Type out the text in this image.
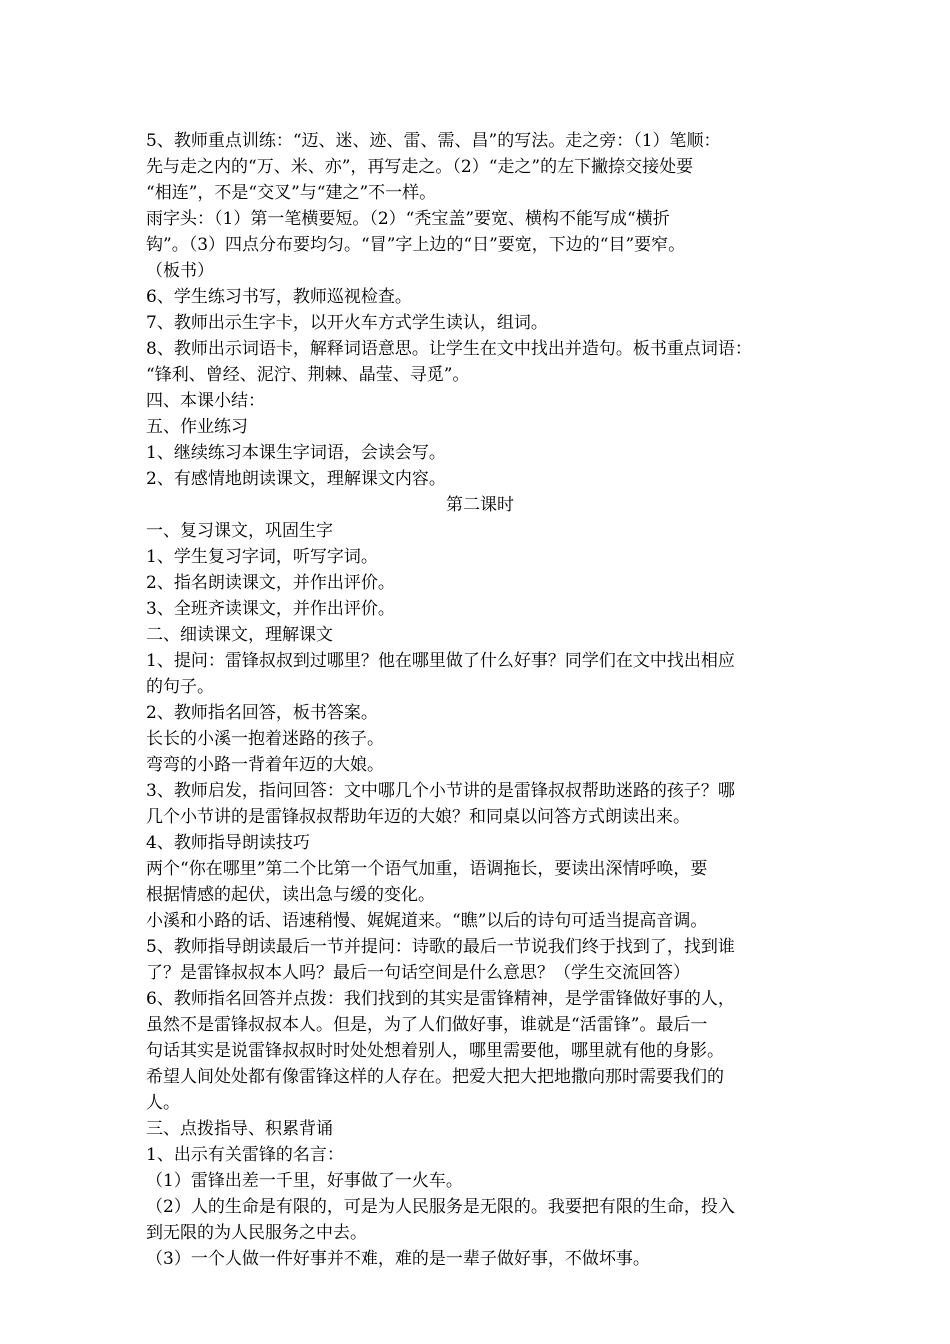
5、教师重点训练：“迈、迷、迹、雷、需、昌”的写法。走之旁：（1）笔顺：
先与走之内的“万、米、亦”，再写走之。（2）“走之”的左下撇捺交接处要
“相连”，不是“交叉”与“建之”不一样。
雨字头：（1）第一笔横要短。（2）“秃宝盖”要宽、横构不能写成“横折
钩”。（3）四点分布要均匀。“冒”字上边的“日”要宽，下边的“目”要窄。
（板书）
6、学生练习书写，教师巡视检查。
7、教师出示生字卡，以开火车方式学生读认，组词。
8、教师出示词语卡，解释词语意思。让学生在文中找出并造句。板书重点词语：
“锋利、曾经、泥泞、荆棘、晶莹、寻觅”。
四、本课小结：
五、作业练习
1、继续练习本课生字词语，会读会写。
2、有感情地朗读课文，理解课文内容。
第二课时
一、复习课文，巩固生字
1、学生复习字词，听写字词。
2、指名朗读课文，并作出评价。
3、全班齐读课文，并作出评价。
二、细读课文，理解课文
1、提问：雷锋叔叔到过哪里？他在哪里做了什么好事？同学们在文中找出相应
的句子。
2、教师指名回答，板书答案。
长长的小溪一抱着迷路的孩子。
弯弯的小路一背着年迈的大娘。
3、教师启发，指问回答：文中哪几个小节讲的是雷锋叔叔帮助迷路的孩子？哪
几个小节讲的是雷锋叔叔帮助年迈的大娘？和同桌以问答方式朗读出来。
4、教师指导朗读技巧
两个“你在哪里”第二个比第一个语气加重，语调拖长，要读出深情呼唤，要
根据情感的起伏，读出急与缓的变化。
小溪和小路的话、语速稍慢、娓娓道来。“瞧”以后的诗句可适当提高音调。
5、教师指导朗读最后一节并提问：诗歌的最后一节说我们终于找到了，找到谁
了？是雷锋叔叔本人吗？最后一句话空间是什么意思？（学生交流回答）
6、教师指名回答并点拨：我们找到的其实是雷锋精神，是学雷锋做好事的人，
虽然不是雷锋叔叔本人。但是，为了人们做好事，谁就是“活雷锋”。最后一
句话其实是说雷锋叔叔时时处处想着别人，哪里需要他，哪里就有他的身影。
希望人间处处都有像雷锋这样的人存在。把爱大把大把地撒向那时需要我们的
人。
三、点拨指导、积累背诵
1、出示有关雷锋的名言：
（1）雷锋出差一千里，好事做了一火车。
（2）人的生命是有限的，可是为人民服务是无限的。我要把有限的生命，投入
到无限的为人民服务之中去。
（3）一个人做一件好事并不难，难的是一辈子做好事，不做坏事。
